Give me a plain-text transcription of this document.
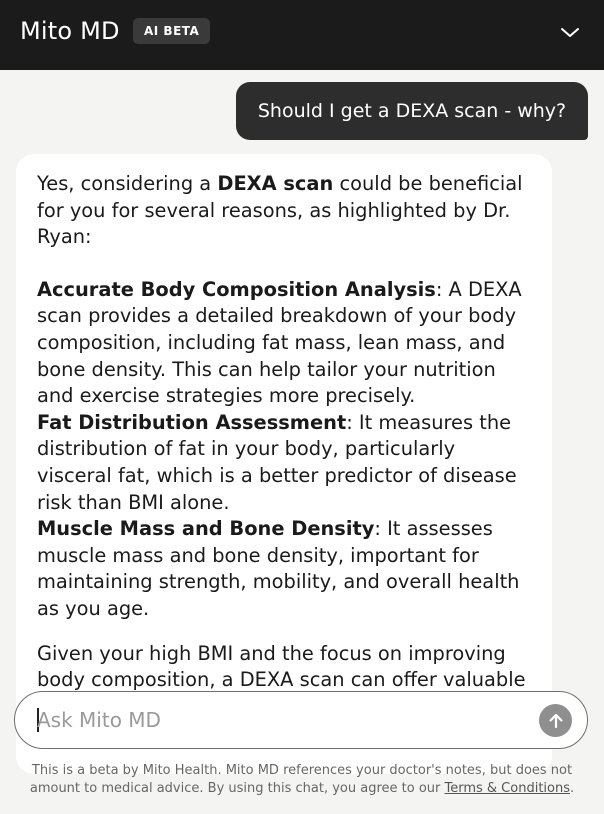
Mito MD	AI BETA
Should I get a DEXA scan - why?

Yes, considering a DEXA scan could be beneficial for you for several reasons, as highlighted by Dr. Ryan:

Accurate Body Composition Analysis: A DEXA scan provides a detailed breakdown of your body composition, including fat mass, lean mass, and bone density. This can help tailor your nutrition and exercise strategies more precisely.

Fat Distribution Assessment: It measures the distribution of fat in your body, particularly visceral fat, which is a better predictor of disease risk than BMI alone.

Muscle Mass and Bone Density: It assesses muscle mass and bone density, important for maintaining strength, mobility, and overall health as you age.

Given your high BMI and the focus on improving body composition, a DEXA scan can offer valuable

Ask Mito MD
This is a beta by Mito Health. Mito MD references your doctor's notes, but does not amount to medical advice. By using this chat, you agree to our Terms & Conditions.
